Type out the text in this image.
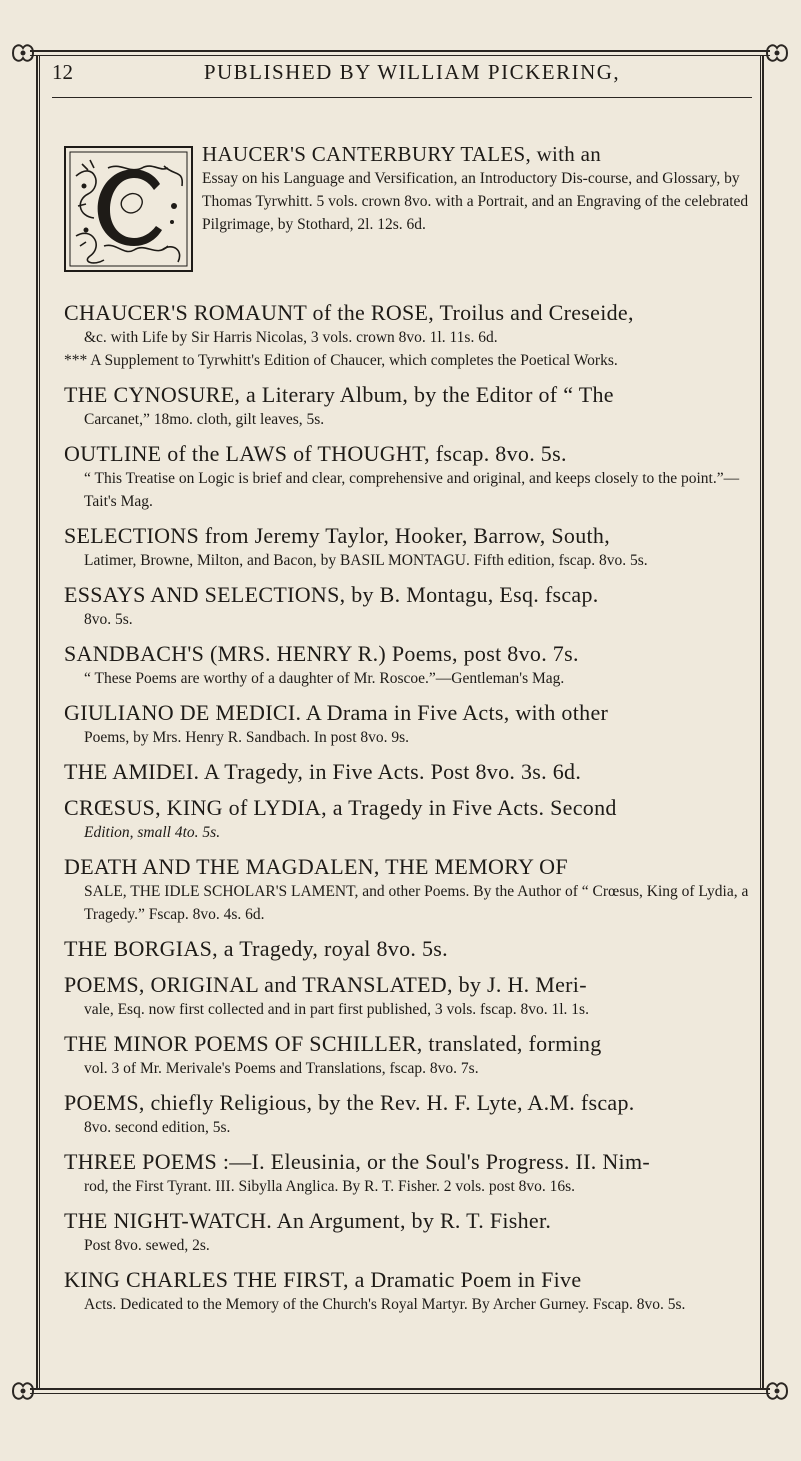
12	PUBLISHED BY WILLIAM PICKERING,
HAUCER'S CANTERBURY TALES, with an
Essay on his Language and Versification, an Introductory Dis-course, and Glossary, by Thomas Tyrwhitt. 5 vols. crown 8vo. with a Portrait, and an Engraving of the celebrated Pilgrimage, by Stothard, 2l. 12s. 6d.
CHAUCER'S ROMAUNT of the ROSE, Troilus and Creseide,
&c. with Life by Sir Harris Nicolas, 3 vols. crown 8vo. 1l. 11s. 6d.
*** A Supplement to Tyrwhitt's Edition of Chaucer, which completes the Poetical Works.
THE CYNOSURE, a Literary Album, by the Editor of “ The
Carcanet,” 18mo. cloth, gilt leaves, 5s.
OUTLINE of the LAWS of THOUGHT, fscap. 8vo. 5s.
“ This Treatise on Logic is brief and clear, comprehensive and original, and keeps closely to the point.”—Tait's Mag.
SELECTIONS from Jeremy Taylor, Hooker, Barrow, South,
Latimer, Browne, Milton, and Bacon, by BASIL MONTAGU. Fifth edition, fscap. 8vo. 5s.
ESSAYS AND SELECTIONS, by B. Montagu, Esq. fscap.
8vo. 5s.
SANDBACH'S (MRS. HENRY R.) Poems, post 8vo. 7s.
“ These Poems are worthy of a daughter of Mr. Roscoe.”—Gentleman's Mag.
GIULIANO DE MEDICI. A Drama in Five Acts, with other
Poems, by Mrs. Henry R. Sandbach. In post 8vo. 9s.
THE AMIDEI. A Tragedy, in Five Acts. Post 8vo. 3s. 6d.
CRŒSUS, KING of LYDIA, a Tragedy in Five Acts. Second
Edition, small 4to. 5s.
DEATH AND THE MAGDALEN, THE MEMORY OF
SALE, THE IDLE SCHOLAR'S LAMENT, and other Poems. By the Author of “ Crœsus, King of Lydia, a Tragedy.” Fscap. 8vo. 4s. 6d.
THE BORGIAS, a Tragedy, royal 8vo. 5s.
POEMS, ORIGINAL and TRANSLATED, by J. H. Meri-
vale, Esq. now first collected and in part first published, 3 vols. fscap. 8vo. 1l. 1s.
THE MINOR POEMS OF SCHILLER, translated, forming
vol. 3 of Mr. Merivale's Poems and Translations, fscap. 8vo. 7s.
POEMS, chiefly Religious, by the Rev. H. F. Lyte, A.M. fscap.
8vo. second edition, 5s.
THREE POEMS :—I. Eleusinia, or the Soul's Progress. II. Nim-
rod, the First Tyrant. III. Sibylla Anglica. By R. T. Fisher. 2 vols. post 8vo. 16s.
THE NIGHT-WATCH. An Argument, by R. T. Fisher.
Post 8vo. sewed, 2s.
KING CHARLES THE FIRST, a Dramatic Poem in Five
Acts. Dedicated to the Memory of the Church's Royal Martyr. By Archer Gurney. Fscap. 8vo. 5s.
